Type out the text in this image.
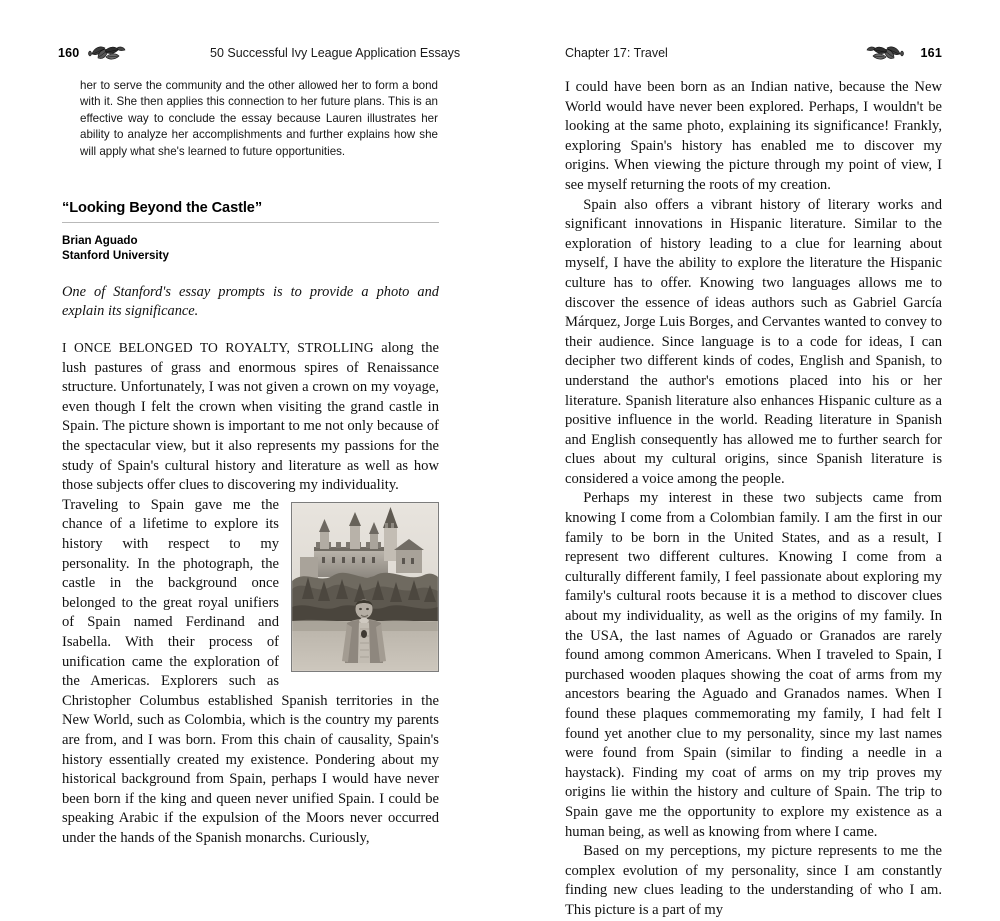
160	50 Successful Ivy League Application Essays	Chapter 17: Travel	161

her to serve the community and the other allowed her to form a bond with it. She then applies this connection to her future plans. This is an effective way to conclude the essay because Lauren illustrates her ability to analyze her accomplishments and further explains how she will apply what she's learned to future opportunities.

“Looking Beyond the Castle”
Brian Aguado
Stanford University

One of Stanford's essay prompts is to provide a photo and explain its significance.

I ONCE BELONGED TO ROYALTY, STROLLING along the lush pastures of grass and enormous spires of Renaissance structure. Unfortunately, I was not given a crown on my voyage, even though I felt the crown when visiting the grand castle in Spain. The picture shown is important to me not only because of the spectacular view, but it also represents my passions for the study of Spain's cultural history and literature as well as how those subjects offer clues to discovering my individuality.

Traveling to Spain gave me the chance of a lifetime to explore its history with respect to my personality. In the photograph, the castle in the background once belonged to the great royal unifiers of Spain named Ferdinand and Isabella. With their process of unification came the exploration of the Americas. Explorers such as Christopher Columbus established Spanish territories in the New World, such as Colombia, which is the country my parents are from, and I was born. From this chain of causality, Spain's history essentially created my existence. Pondering about my historical background from Spain, perhaps I would have never been born if the king and queen never unified Spain. I could be speaking Arabic if the expulsion of the Moors never occurred under the hands of the Spanish monarchs. Curiously,

I could have been born as an Indian native, because the New World would have never been explored. Perhaps, I wouldn't be looking at the same photo, explaining its significance! Frankly, exploring Spain's history has enabled me to discover my origins. When viewing the picture through my point of view, I see myself returning the roots of my creation.

Spain also offers a vibrant history of literary works and significant innovations in Hispanic literature. Similar to the exploration of history leading to a clue for learning about myself, I have the ability to explore the literature the Hispanic culture has to offer. Knowing two languages allows me to discover the essence of ideas authors such as Gabriel García Márquez, Jorge Luis Borges, and Cervantes wanted to convey to their audience. Since language is to a code for ideas, I can decipher two different kinds of codes, English and Spanish, to understand the author's emotions placed into his or her literature. Spanish literature also enhances Hispanic culture as a positive influence in the world. Reading literature in Spanish and English consequently has allowed me to further search for clues about my cultural origins, since Spanish literature is considered a voice among the people.

Perhaps my interest in these two subjects came from knowing I come from a Colombian family. I am the first in our family to be born in the United States, and as a result, I represent two different cultures. Knowing I come from a culturally different family, I feel passionate about exploring my family's cultural roots because it is a method to discover clues about my individuality, as well as the origins of my family. In the USA, the last names of Aguado or Granados are rarely found among common Americans. When I traveled to Spain, I purchased wooden plaques showing the coat of arms from my ancestors bearing the Aguado and Granados names. When I found these plaques commemorating my family, I had felt I found yet another clue to my personality, since my last names were found from Spain (similar to finding a needle in a haystack). Finding my coat of arms on my trip proves my origins lie within the history and culture of Spain. The trip to Spain gave me the opportunity to explore my existence as a human being, as well as knowing from where I came.

Based on my perceptions, my picture represents to me the complex evolution of my personality, since I am constantly finding new clues leading to the understanding of who I am. This picture is a part of my
